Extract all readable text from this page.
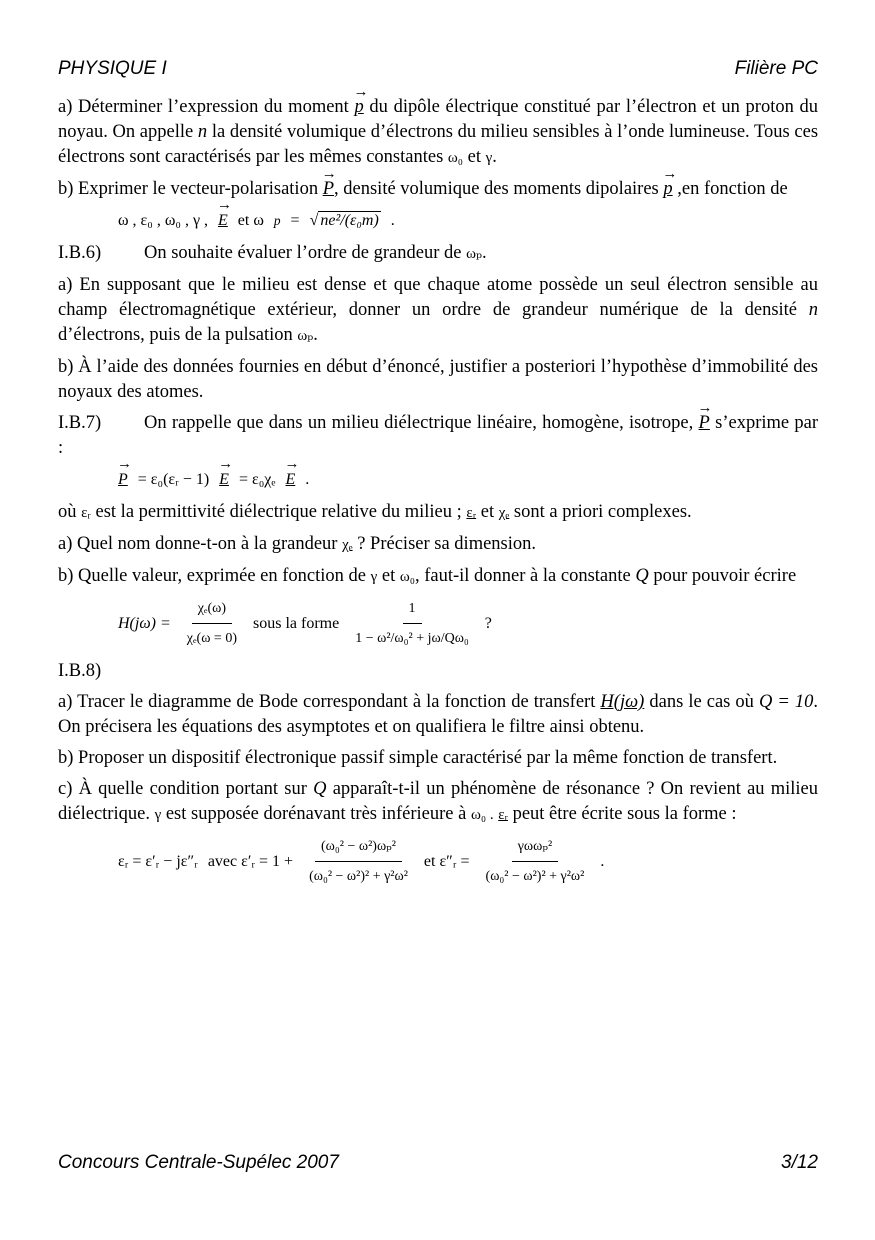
PHYSIQUE I	Filière PC

a) Déterminer l’expression du moment → p du dipôle électrique constitué par l’électron et un proton du noyau. On appelle n la densité volumique d’électrons du milieu sensibles à l’onde lumineuse. Tous ces électrons sont caractérisés par les mêmes constantes ω₀ et γ.

b) Exprimer le vecteur-polarisation → P, densité volumique des moments dipolaires → p ,en fonction de

ω , ε₀ , ω₀ , γ , → E et ω p = √ ne²/(ε₀m) .

I.B.6) On souhaite évaluer l’ordre de grandeur de ωₚ.

a) En supposant que le milieu est dense et que chaque atome possède un seul électron sensible au champ électromagnétique extérieur, donner un ordre de grandeur numérique de la densité n d’électrons, puis de la pulsation ωₚ.

b) À l’aide des données fournies en début d’énoncé, justifier a posteriori l’hypothèse d’immobilité des noyaux des atomes.

I.B.7) On rappelle que dans un milieu diélectrique linéaire, homogène, isotrope, → P s’exprime par :

→ P = ε₀(εᵣ − 1) → E = ε₀χₑ → E .

où εᵣ est la permittivité diélectrique relative du milieu ; εᵣ et χₑ sont a priori complexes.

a) Quel nom donne-t-on à la grandeur χₑ ? Préciser sa dimension.

b) Quelle valeur, exprimée en fonction de γ et ω₀, faut-il donner à la constante Q pour pouvoir écrire

$H(j\omega) = \frac{\text{χₑ(ω)}}{\text{χₑ(ω = 0)}}$ sous la forme $\frac{1}{\text{1 − ω²/ω₀² + jω/Qω₀}}$ ?

I.B.8)

a) Tracer le diagramme de Bode correspondant à la fonction de transfert H(jω) dans le cas où Q = 10. On précisera les équations des asymptotes et on qualifiera le filtre ainsi obtenu.

b) Proposer un dispositif électronique passif simple caractérisé par la même fonction de transfert.

c) À quelle condition portant sur Q apparaît-t-il un phénomène de résonance ? On revient au milieu diélectrique. γ est supposée dorénavant très inférieure à ω₀ . εᵣ peut être écrite sous la forme :

εᵣ = ε′ᵣ − jε″ᵣ avec ε′ᵣ = $1 + \frac{\text{(ω₀² − ω²)ωₚ²}}{\text{(ω₀² − ω²)² + γ²ω²}}$ et ε″ᵣ = $\frac{\text{γωωₚ²}}{\text{(ω₀² − ω²)² + γ²ω²}}$ .
Concours Centrale-Supélec 2007	3/12
